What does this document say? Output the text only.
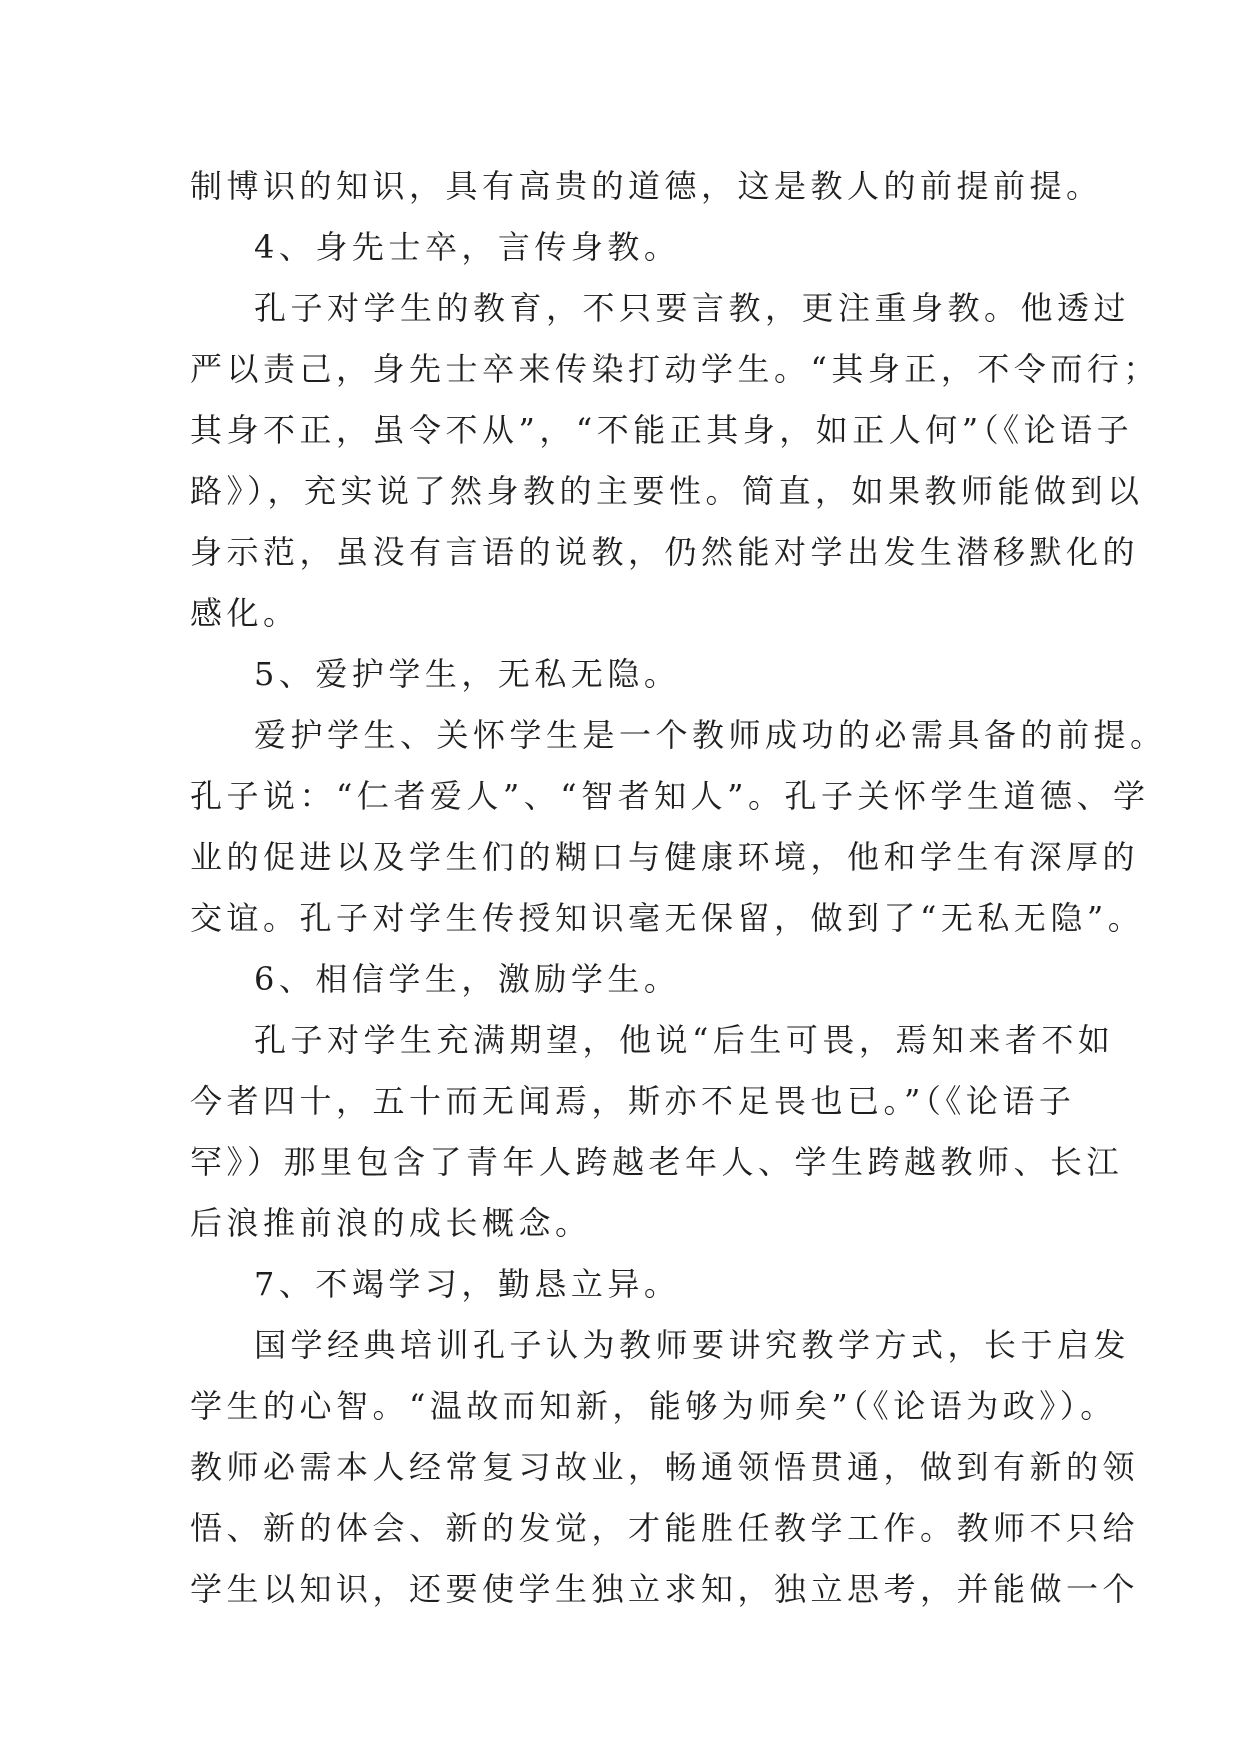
制博识的知识，具有高贵的道德，这是教人的前提前提。
4、身先士卒，言传身教。
孔子对学生的教育，不只要言教，更注重身教。他透过
严以责己，身先士卒来传染打动学生。“其身正，不令而行；
其身不正，虽令不从”，“不能正其身，如正人何”（《论语子
路》），充实说了然身教的主要性。简直，如果教师能做到以
身示范，虽没有言语的说教，仍然能对学出发生潜移默化的
感化。
5、爱护学生，无私无隐。
爱护学生、关怀学生是一个教师成功的必需具备的前提。
孔子说：“仁者爱人”、“智者知人”。孔子关怀学生道德、学
业的促进以及学生们的糊口与健康环境，他和学生有深厚的
交谊。孔子对学生传授知识毫无保留，做到了“无私无隐”。
6、相信学生，激励学生。
孔子对学生充满期望，他说“后生可畏，焉知来者不如
今者四十，五十而无闻焉，斯亦不足畏也已。”（《论语子
罕》）那里包含了青年人跨越老年人、学生跨越教师、长江
后浪推前浪的成长概念。
7、不竭学习，勤恳立异。
国学经典培训孔子认为教师要讲究教学方式，长于启发
学生的心智。“温故而知新，能够为师矣”（《论语为政》）。
教师必需本人经常复习故业，畅通领悟贯通，做到有新的领
悟、新的体会、新的发觉，才能胜任教学工作。教师不只给
学生以知识，还要使学生独立求知，独立思考，并能做一个
